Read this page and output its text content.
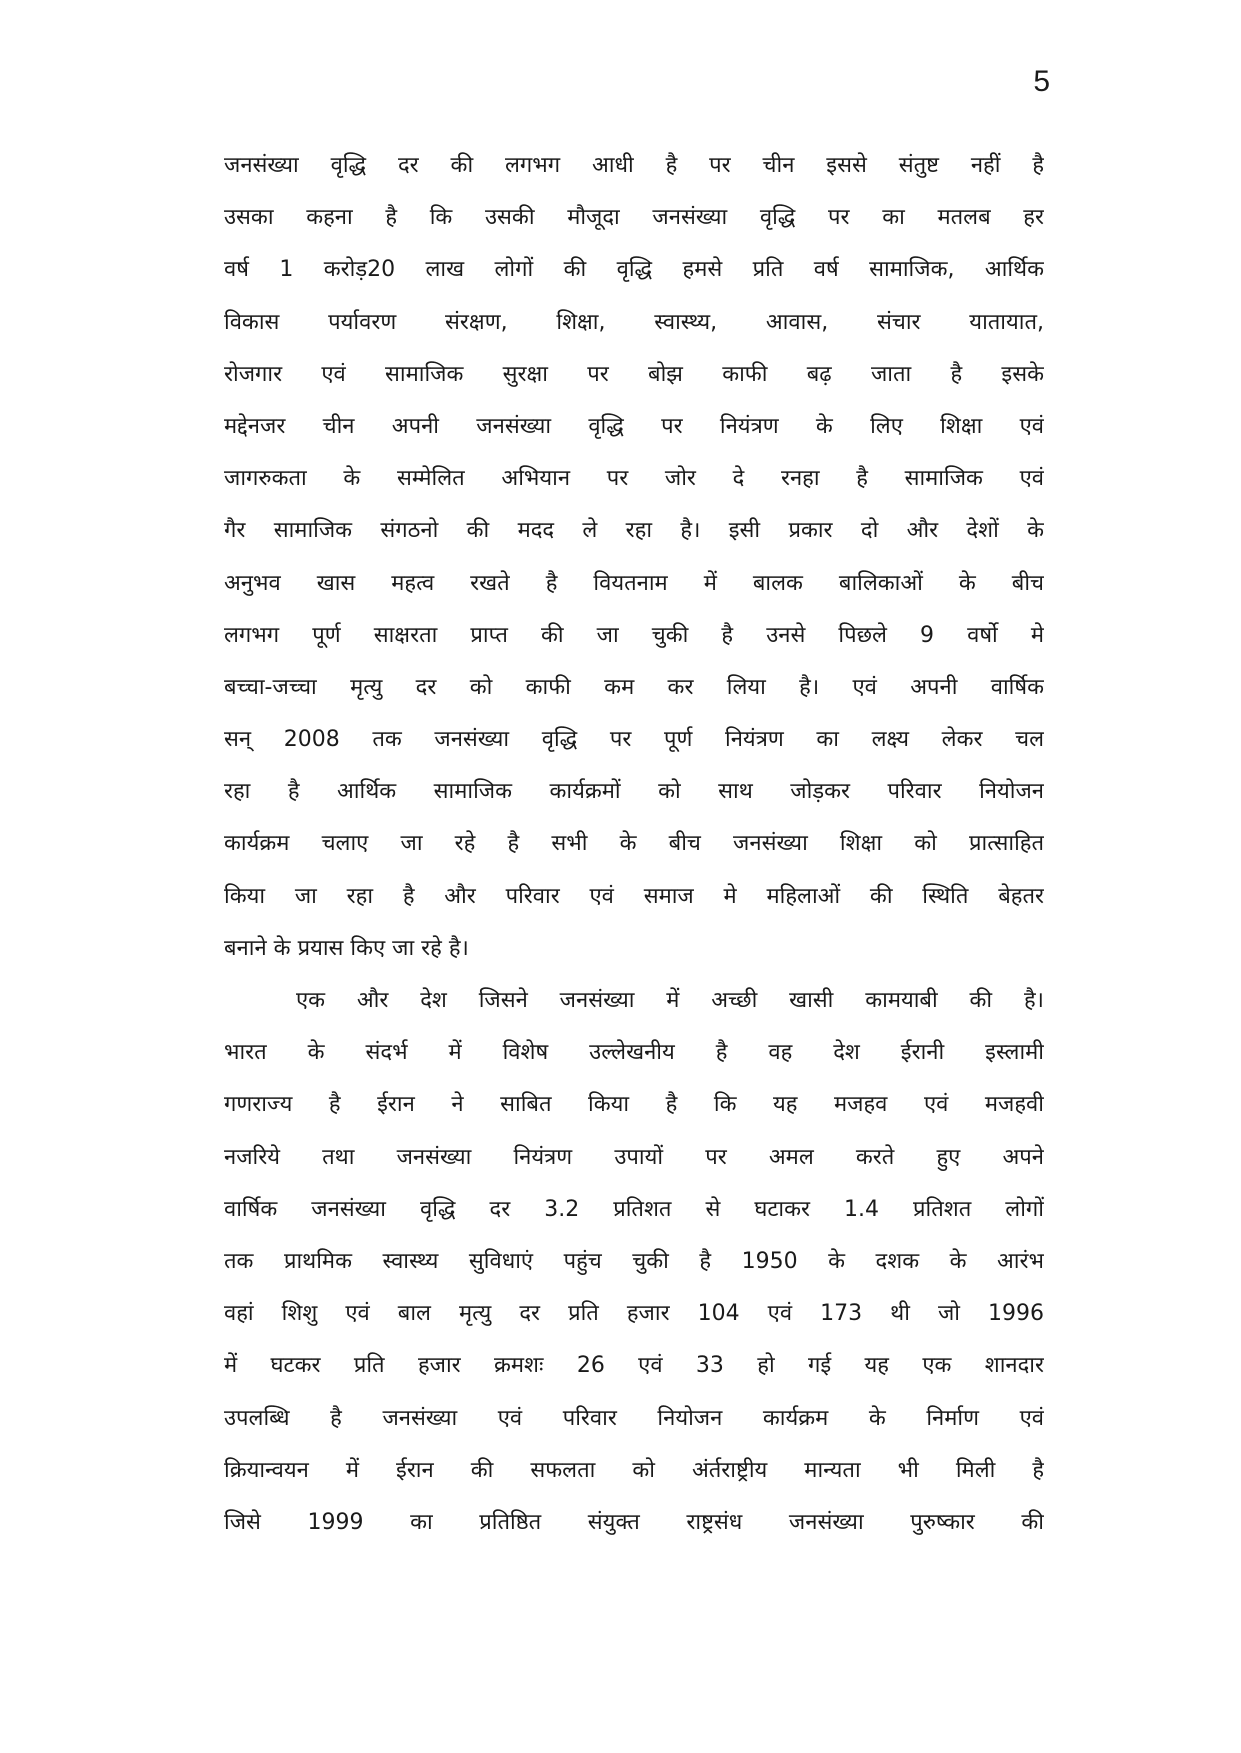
5
जनसंख्या वृद्धि दर की लगभग आधी है पर चीन इससे संतुष्ट नहीं है
उसका कहना है कि उसकी मौजूदा जनसंख्या वृद्धि पर का मतलब हर
वर्ष 1 करोड़20 लाख लोगों की वृद्धि हमसे प्रति वर्ष सामाजिक, आर्थिक
विकास पर्यावरण संरक्षण, शिक्षा, स्वास्थ्य, आवास, संचार यातायात,
रोजगार एवं सामाजिक सुरक्षा पर बोझ काफी बढ़ जाता है इसके
मद्देनजर चीन अपनी जनसंख्या वृद्धि पर नियंत्रण के लिए शिक्षा एवं
जागरुकता के सम्मेलित अभियान पर जोर दे रनहा है सामाजिक एवं
गैर सामाजिक संगठनो की मदद ले रहा है। इसी प्रकार दो और देशों के
अनुभव खास महत्व रखते है वियतनाम में बालक बालिकाओं के बीच
लगभग पूर्ण साक्षरता प्राप्त की जा चुकी है उनसे पिछले 9 वर्षो मे
बच्चा-जच्चा मृत्यु दर को काफी कम कर लिया है। एवं अपनी वार्षिक
सन् 2008 तक जनसंख्या वृद्धि पर पूर्ण नियंत्रण का लक्ष्य लेकर चल
रहा है आर्थिक सामाजिक कार्यक्रमों को साथ जोड़कर परिवार नियोजन
कार्यक्रम चलाए जा रहे है सभी के बीच जनसंख्या शिक्षा को प्रात्साहित
किया जा रहा है और परिवार एवं समाज मे महिलाओं की स्थिति बेहतर
बनाने के प्रयास किए जा रहे है।
एक और देश जिसने जनसंख्या में अच्छी खासी कामयाबी की है।
भारत के संदर्भ में विशेष उल्लेखनीय है वह देश ईरानी इस्लामी
गणराज्य है ईरान ने साबित किया है कि यह मजहव एवं मजहवी
नजरिये तथा जनसंख्या नियंत्रण उपायों पर अमल करते हुए अपने
वार्षिक जनसंख्या वृद्धि दर 3.2 प्रतिशत से घटाकर 1.4 प्रतिशत लोगों
तक प्राथमिक स्वास्थ्य सुविधाएं पहुंच चुकी है 1950 के दशक के आरंभ
वहां शिशु एवं बाल मृत्यु दर प्रति हजार 104 एवं 173 थी जो 1996
में घटकर प्रति हजार क्रमशः 26 एवं 33 हो गई यह एक शानदार
उपलब्धि है जनसंख्या एवं परिवार नियोजन कार्यक्रम के निर्माण एवं
क्रियान्वयन में ईरान की सफलता को अंर्तराष्ट्रीय मान्यता भी मिली है
जिसे 1999 का प्रतिष्ठित संयुक्त राष्ट्रसंध जनसंख्या पुरुष्कार की
